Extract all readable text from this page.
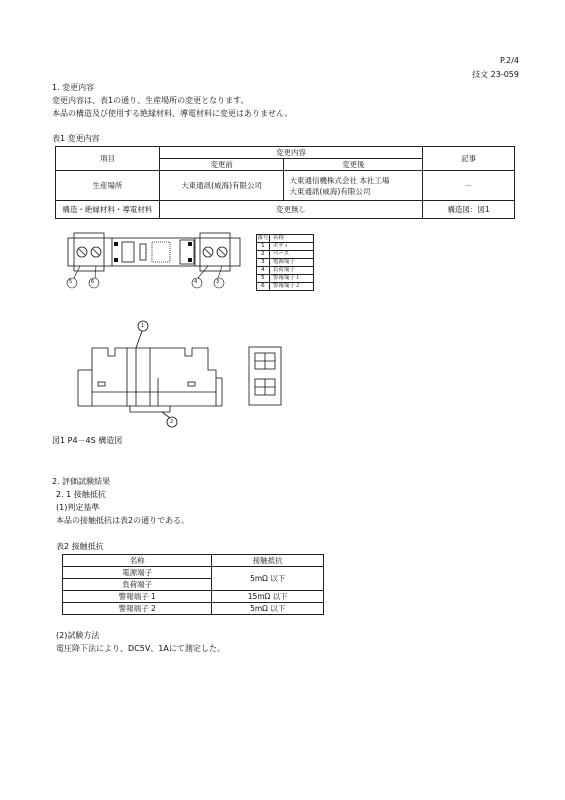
P.2/4
技文 23-059
1. 変更内容
変更内容は、表1の通り、生産場所の変更となります。
本品の構造及び使用する絶縁材料、導電材料に変更はありません。
表1 変更内容
項目	変更内容		記事
	変更前	変更後	
生産場所	大東通訊(威海)有限公司	大東通信機株式会社 本社工場
大東通訊(威海)有限公司	－
構造・絶縁材料・導電材料	変更無し		構造図：図1
5	6	4	3
番号	名称
1	ボディ
2	ベース
3	電源端子
4	負荷端子
5	警報端子１
6	警報端子２
1
2
図1 P4－4S 構造図
2. 評価試験結果
2. 1 接触抵抗
(1)判定基準
本品の接触抵抗は表2の通りである。
表2 接触抵抗
名称	接触抵抗
電源端子	5mΩ 以下
負荷端子	
警報端子 1	15mΩ 以下
警報端子 2	5mΩ 以下
(2)試験方法
電圧降下法により、DC5V、1Aにて測定した。
